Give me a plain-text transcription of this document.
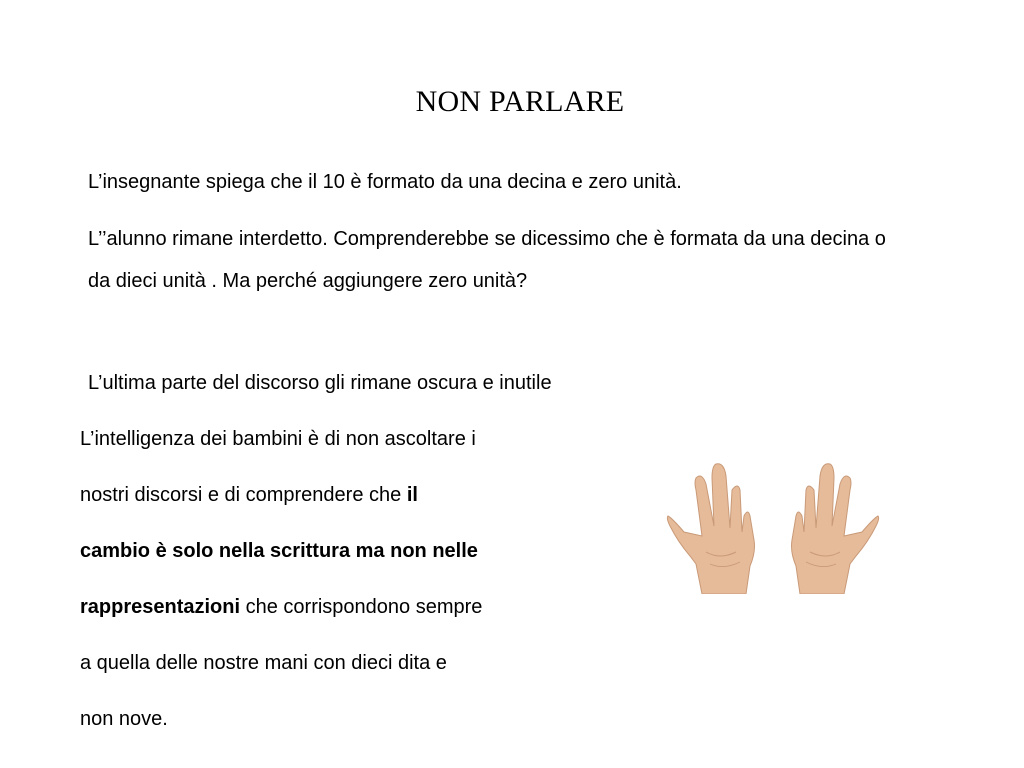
NON PARLARE

L’insegnante spiega che il 10 è formato da una decina e zero unità.

L’’alunno rimane interdetto. Comprenderebbe se dicessimo che è formata da una decina o da dieci unità . Ma perché aggiungere zero unità?

L’ultima parte del discorso gli rimane oscura e inutile

L’intelligenza dei bambini è di non ascoltare i
nostri discorsi e di comprendere che il
cambio è solo nella scrittura ma non nelle
rappresentazioni che corrispondono sempre
a quella delle nostre mani con dieci dita e
non nove.
